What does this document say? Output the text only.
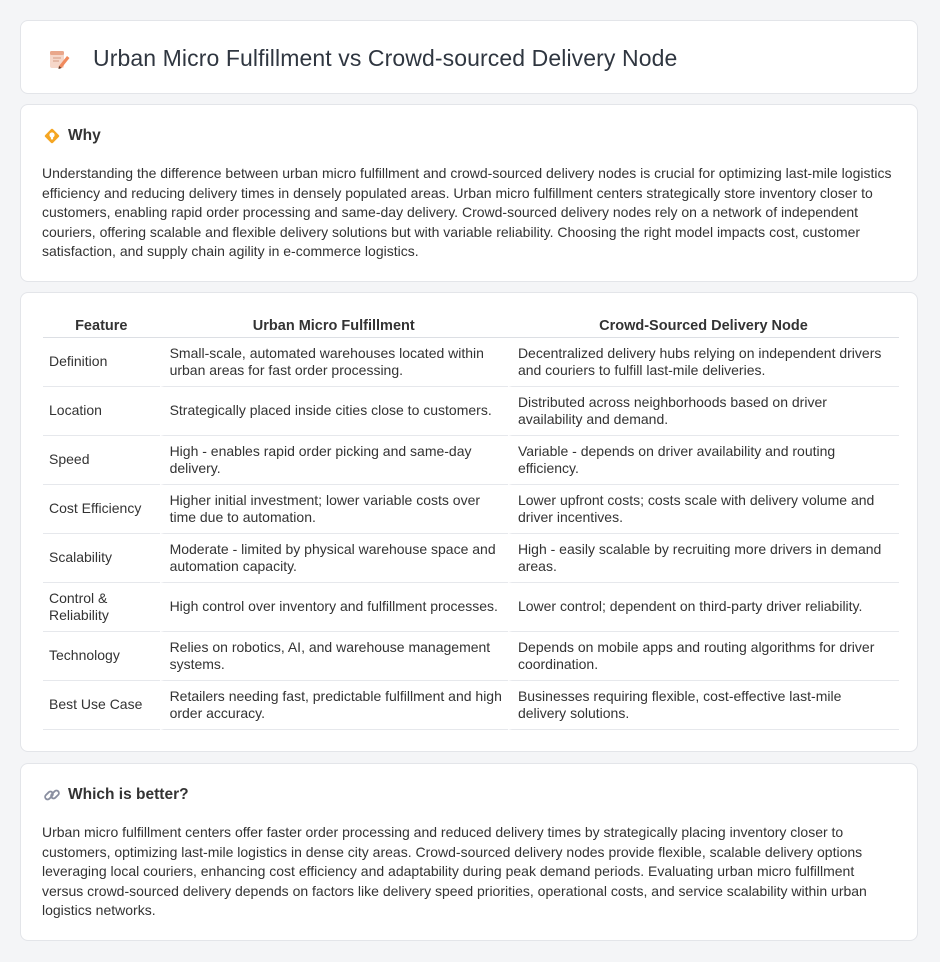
Urban Micro Fulfillment vs Crowd-sourced Delivery Node
Why

Understanding the difference between urban micro fulfillment and crowd-sourced delivery nodes is crucial for optimizing last-mile logistics efficiency and reducing delivery times in densely populated areas. Urban micro fulfillment centers strategically store inventory closer to customers, enabling rapid order processing and same-day delivery. Crowd-sourced delivery nodes rely on a network of independent couriers, offering scalable and flexible delivery solutions but with variable reliability. Choosing the right model impacts cost, customer satisfaction, and supply chain agility in e-commerce logistics.

Feature	Urban Micro Fulfillment	Crowd-Sourced Delivery Node
Definition	Small-scale, automated warehouses located within urban areas for fast order processing.	Decentralized delivery hubs relying on independent drivers and couriers to fulfill last-mile deliveries.
Location	Strategically placed inside cities close to customers.	Distributed across neighborhoods based on driver availability and demand.
Speed	High - enables rapid order picking and same-day delivery.	Variable - depends on driver availability and routing efficiency.
Cost Efficiency	Higher initial investment; lower variable costs over time due to automation.	Lower upfront costs; costs scale with delivery volume and driver incentives.
Scalability	Moderate - limited by physical warehouse space and automation capacity.	High - easily scalable by recruiting more drivers in demand areas.
Control & Reliability	High control over inventory and fulfillment processes.	Lower control; dependent on third-party driver reliability.
Technology	Relies on robotics, AI, and warehouse management systems.	Depends on mobile apps and routing algorithms for driver coordination.
Best Use Case	Retailers needing fast, predictable fulfillment and high order accuracy.	Businesses requiring flexible, cost-effective last-mile delivery solutions.
Which is better?

Urban micro fulfillment centers offer faster order processing and reduced delivery times by strategically placing inventory closer to customers, optimizing last-mile logistics in dense city areas. Crowd-sourced delivery nodes provide flexible, scalable delivery options leveraging local couriers, enhancing cost efficiency and adaptability during peak demand periods. Evaluating urban micro fulfillment versus crowd-sourced delivery depends on factors like delivery speed priorities, operational costs, and service scalability within urban logistics networks.
